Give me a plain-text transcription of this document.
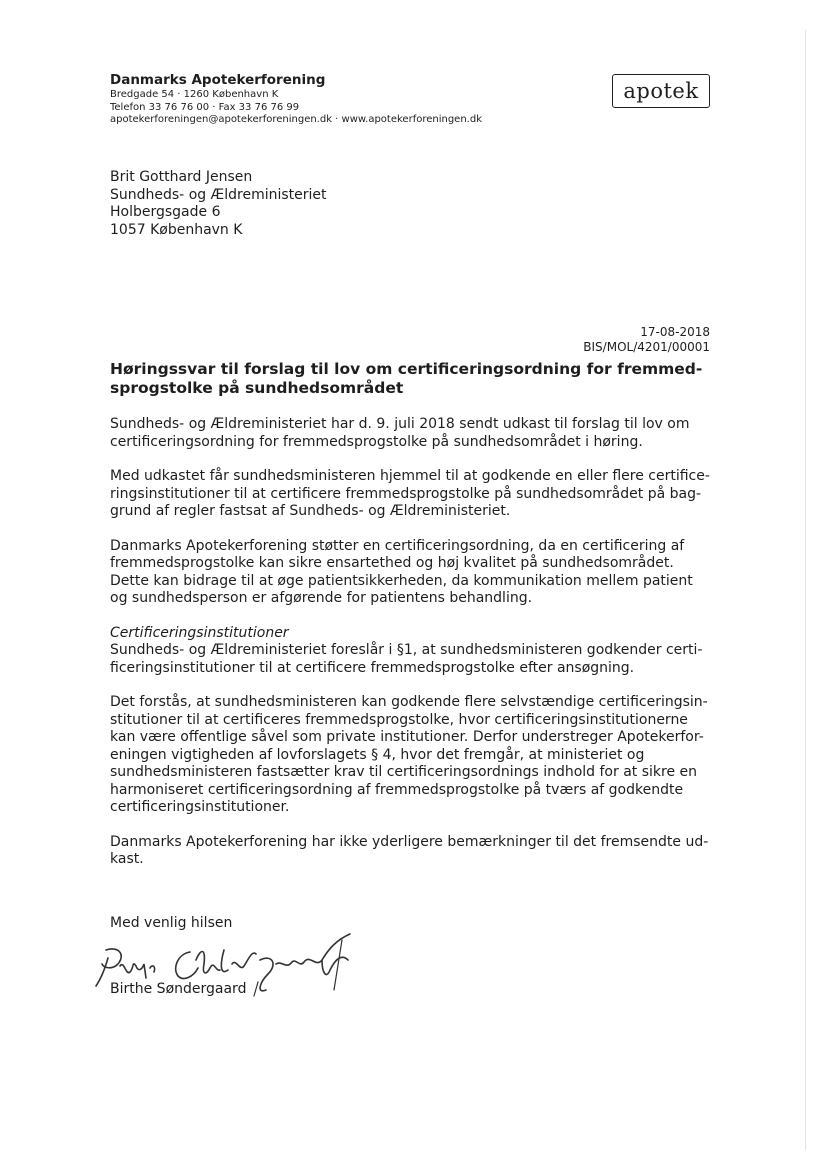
Danmarks Apotekerforening
Bredgade 54 · 1260 København K
Telefon 33 76 76 00 · Fax 33 76 76 99
apotekerforeningen@apotekerforeningen.dk · www.apotekerforeningen.dk
apotek
Brit Gotthard Jensen
Sundheds- og Ældreministeriet
Holbergsgade 6
1057 København K
17-08-2018
BIS/MOL/4201/00001
Høringssvar til forslag til lov om certificeringsordning for fremmed-
sprogstolke på sundhedsområdet

Sundheds- og Ældreministeriet har d. 9. juli 2018 sendt udkast til forslag til lov om
certificeringsordning for fremmedsprogstolke på sundhedsområdet i høring.

Med udkastet får sundhedsministeren hjemmel til at godkende en eller flere certifice-
ringsinstitutioner til at certificere fremmedsprogstolke på sundhedsområdet på bag-
grund af regler fastsat af Sundheds- og Ældreministeriet.

Danmarks Apotekerforening støtter en certificeringsordning, da en certificering af
fremmedsprogstolke kan sikre ensartethed og høj kvalitet på sundhedsområdet.
Dette kan bidrage til at øge patientsikkerheden, da kommunikation mellem patient
og sundhedsperson er afgørende for patientens behandling.

Certificeringsinstitutioner

Sundheds- og Ældreministeriet foreslår i §1, at sundhedsministeren godkender certi-
ficeringsinstitutioner til at certificere fremmedsprogstolke efter ansøgning.

Det forstås, at sundhedsministeren kan godkende flere selvstændige certificeringsin-
stitutioner til at certificeres fremmedsprogstolke, hvor certificeringsinstitutionerne
kan være offentlige såvel som private institutioner. Derfor understreger Apotekerfor-
eningen vigtigheden af lovforslagets § 4, hvor det fremgår, at ministeriet og
sundhedsministeren fastsætter krav til certificeringsordnings indhold for at sikre en
harmoniseret certificeringsordning af fremmedsprogstolke på tværs af godkendte
certificeringsinstitutioner.

Danmarks Apotekerforening har ikke yderligere bemærkninger til det fremsendte ud-
kast.

Med venlig hilsen
Birthe Søndergaard
